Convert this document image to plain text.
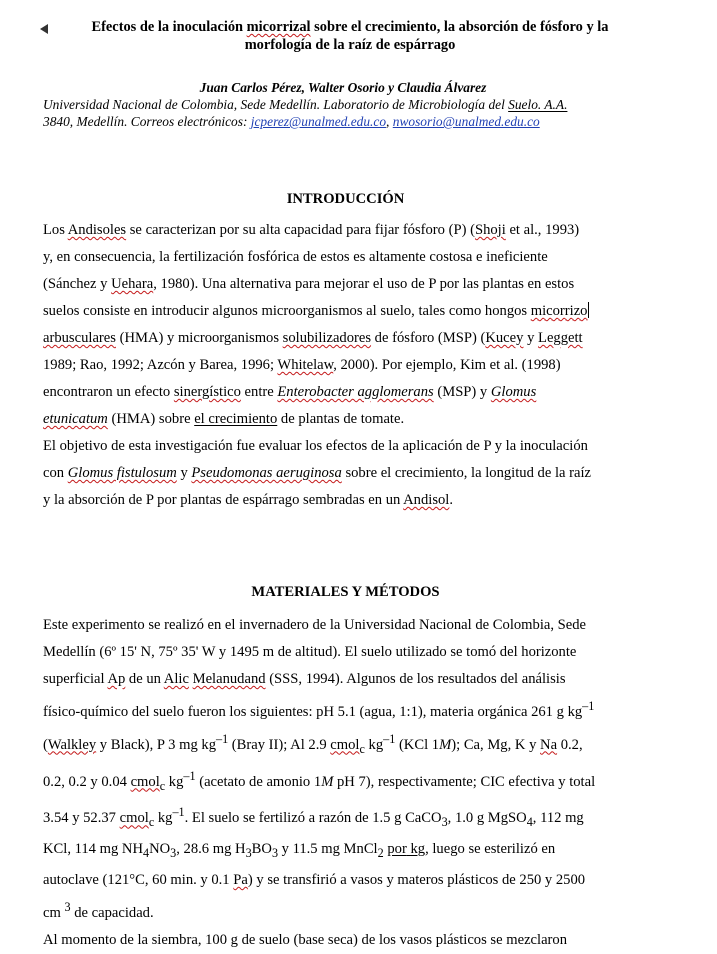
Efectos de la inoculación micorrizal sobre el crecimiento, la absorción de fósforo y la
morfología de la raíz de espárrago

Juan Carlos Pérez, Walter Osorio y Claudia Álvarez

Universidad Nacional de Colombia, Sede Medellín. Laboratorio de Microbiología del Suelo. A.A.
3840, Medellín. Correos electrónicos: jcperez@unalmed.edu.co, nwosorio@unalmed.edu.co

INTRODUCCIÓN
Los Andisoles se caracterizan por su alta capacidad para fijar fósforo (P) (Shoji et al., 1993)
y, en consecuencia, la fertilización fosfórica de estos es altamente costosa e ineficiente
(Sánchez y Uehara, 1980). Una alternativa para mejorar el uso de P por las plantas en estos
suelos consiste en introducir algunos microorganismos al suelo, tales como hongos micorrizo
arbusculares (HMA) y microorganismos solubilizadores de fósforo (MSP) (Kucey y Leggett
1989; Rao, 1992; Azcón y Barea, 1996; Whitelaw, 2000). Por ejemplo, Kim et al. (1998)
encontraron un efecto sinergístico entre Enterobacter agglomerans (MSP) y Glomus
etunicatum (HMA) sobre el crecimiento de plantas de tomate.
El objetivo de esta investigación fue evaluar los efectos de la aplicación de P y la inoculación
con Glomus fistulosum y Pseudomonas aeruginosa sobre el crecimiento, la longitud de la raíz
y la absorción de P por plantas de espárrago sembradas en un Andisol.
MATERIALES Y MÉTODOS
Este experimento se realizó en el invernadero de la Universidad Nacional de Colombia, Sede
Medellín (6º 15' N, 75º 35' W y 1495 m de altitud). El suelo utilizado se tomó del horizonte
superficial Ap de un Alic Melanudand (SSS, 1994). Algunos de los resultados del análisis
físico-químico del suelo fueron los siguientes: pH 5.1 (agua, 1:1), materia orgánica 261 g $kg^{-1}$
(Walkley y Black), P 3 mg $kg^{-1}$ (Bray II); Al 2.9 cmol$_c$ $kg^{-1}$ (KCl 1M); Ca, Mg, K y Na 0.2,
0.2, 0.2 y 0.04 cmol$_c$ $kg^{-1}$ (acetato de amonio 1M pH 7), respectivamente; CIC efectiva y total
3.54 y 52.37 cmol$_c$ $kg^{-1}$. El suelo se fertilizó a razón de 1.5 g CaCO$_3$, 1.0 g MgSO$_4$, 112 mg
KCl, 114 mg $NH_4NO_3$, 28.6 mg $H_3BO_3$ y 11.5 mg MnCl$_2$ por kg, luego se esterilizó en
autoclave (121°C, 60 min. y 0.1 Pa) y se transfirió a vasos y materos plásticos de 250 y 2500
cm $^3$ de capacidad.
Al momento de la siembra, 100 g de suelo (base seca) de los vasos plásticos se mezclaron
